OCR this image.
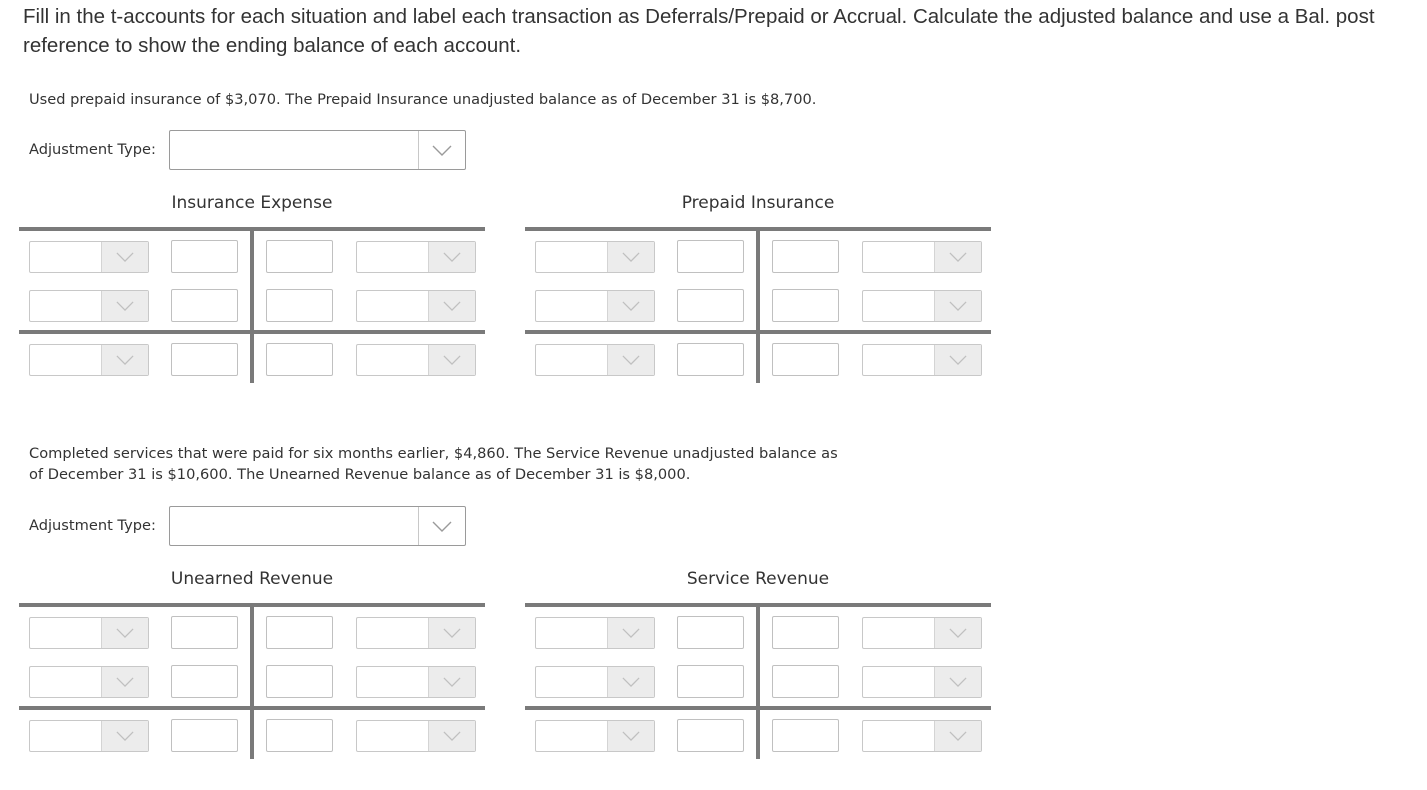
Fill in the t-accounts for each situation and label each transaction as Deferrals/Prepaid or Accrual. Calculate the adjusted balance and use a Bal. post reference to show the ending balance of each account.
Used prepaid insurance of $3,070. The Prepaid Insurance unadjusted balance as of December 31 is $8,700.
Adjustment Type:
Insurance Expense	Prepaid Insurance
Completed services that were paid for six months earlier, $4,860. The Service Revenue unadjusted balance as of December 31 is $10,600. The Unearned Revenue balance as of December 31 is $8,000.
Adjustment Type:
Unearned Revenue	Service Revenue
